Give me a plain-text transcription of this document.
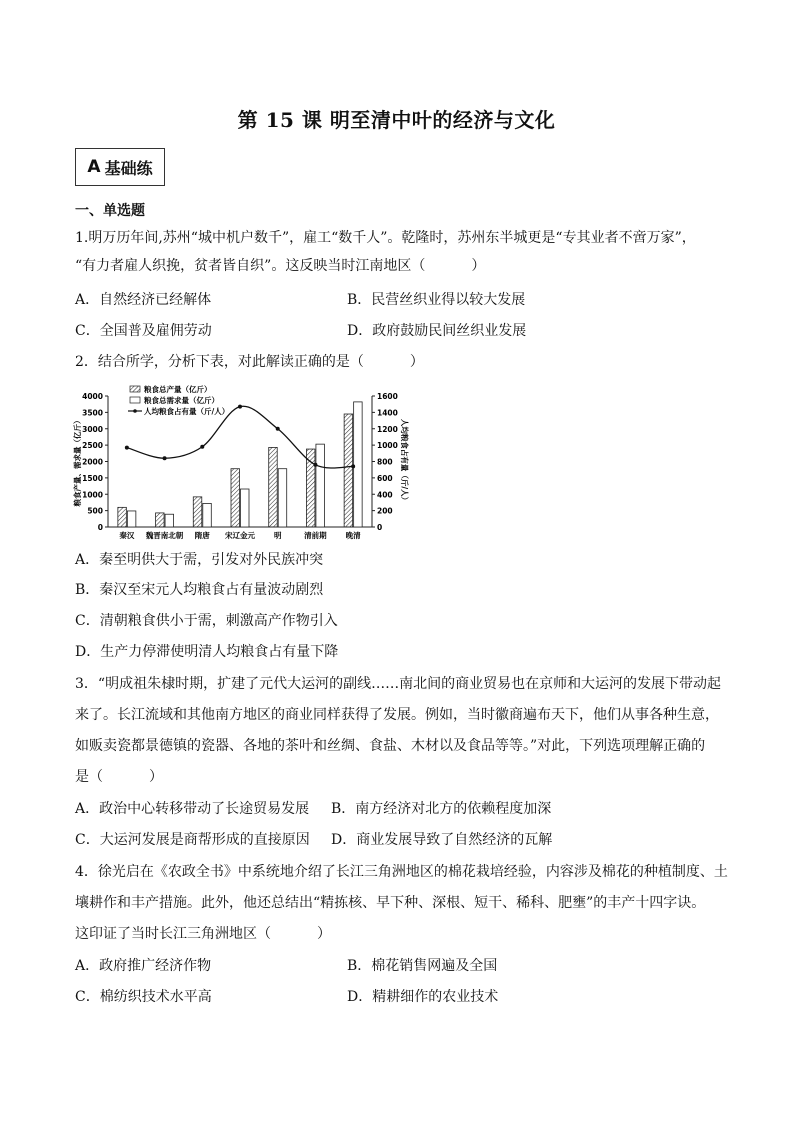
第 15 课 明至清中叶的经济与文化
A 基础练
一、单选题
1.明万历年间,苏州“城中机户数千”，雇工“数千人”。乾隆时，苏州东半城更是“专其业者不啻万家”，
“有力者雇人织挽，贫者皆自织”。这反映当时江南地区（	）
A．自然经济已经解体	B．民营丝织业得以较大发展
C．全国普及雇佣劳动	D．政府鼓励民间丝织业发展
2．结合所学，分析下表，对此解读正确的是（	）
0
500
1000
1500
2000
2500
3000
3500
4000
0
200
400
600
800
1000
1200
1400
1600
粮食产量、需求量（亿斤）	人均粮食占有量（斤/人）
秦汉 魏晋南北朝 隋唐 宋辽金元	明	清前期	晚清
粮食总产量（亿斤）
粮食总需求量（亿斤）
人均粮食占有量（斤/人）
A．秦至明供大于需，引发对外民族冲突
B．秦汉至宋元人均粮食占有量波动剧烈
C．清朝粮食供小于需，刺激高产作物引入
D．生产力停滞使明清人均粮食占有量下降
3．“明成祖朱棣时期，扩建了元代大运河的副线……南北间的商业贸易也在京师和大运河的发展下带动起
来了。长江流域和其他南方地区的商业同样获得了发展。例如，当时徽商遍布天下，他们从事各种生意，
如贩卖瓷都景德镇的瓷器、各地的茶叶和丝绸、食盐、木材以及食品等等。”对此，下列选项理解正确的
是（	）
A．政治中心转移带动了长途贸易发展 B．南方经济对北方的依赖程度加深
C．大运河发展是商帮形成的直接原因 D．商业发展导致了自然经济的瓦解
4．徐光启在《农政全书》中系统地介绍了长江三角洲地区的棉花栽培经验，内容涉及棉花的种植制度、土
壤耕作和丰产措施。此外，他还总结出“精拣核、早下种、深根、短干、稀科、肥壅”的丰产十四字诀。
这印证了当时长江三角洲地区（	）
A．政府推广经济作物	B．棉花销售网遍及全国
C．棉纺织技术水平高	D．精耕细作的农业技术
